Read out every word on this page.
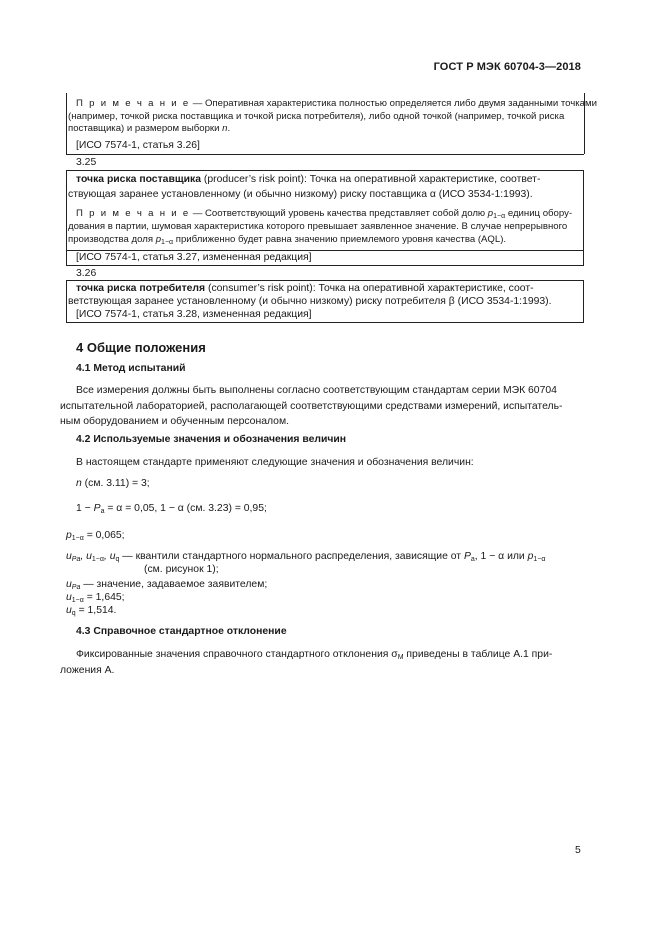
ГОСТ Р МЭК 60704-3—2018
П р и м е ч а н и е — Оперативная характеристика полностью определяется либо двумя заданными точками
(например, точкой риска поставщика и точкой риска потребителя), либо одной точкой (например, точкой риска
поставщика) и размером выборки n.
[ИСО 7574-1, статья 3.26]
3.25
точка риска поставщика (producer’s risk point): Точка на оперативной характеристике, соответ-
ствующая заранее установленному (и обычно низкому) риску поставщика α (ИСО 3534-1:1993).
П р и м е ч а н и е — Соответствующий уровень качества представляет собой долю $p_{1-\alpha}$ единиц обору-
дования в партии, шумовая характеристика которого превышает заявленное значение. В случае непрерывного
производства доля $p_{1-\alpha}$ приближенно будет равна значению приемлемого уровня качества (AQL).
[ИСО 7574-1, статья 3.27, измененная редакция]
3.26
точка риска потребителя (consumer’s risk point): Точка на оперативной характеристике, соот-
ветствующая заранее установленному (и обычно низкому) риску потребителя β (ИСО 3534-1:1993).
[ИСО 7574-1, статья 3.28, измененная редакция]
4 Общие положения
4.1 Метод испытаний
Все измерения должны быть выполнены согласно соответствующим стандартам серии МЭК 60704
испытательной лабораторией, располагающей соответствующими средствами измерений, испытатель-
ным оборудованием и обученным персоналом.
4.2 Используемые значения и обозначения величин
В настоящем стандарте применяют следующие значения и обозначения величин:
n (см. 3.11) = 3;
$1 - P_a = \alpha = 0,05$, 1 − α (см. 3.23) = 0,95;
$p_{1-\alpha} = 0,065$;
$u_{Pa}$, $u_{1-\alpha}$, $u_q$ — квантили стандартного нормального распределения, зависящие от $P_a$, 1 − α или $p_{1-\alpha}$
(см. рисунок 1);
$u_{Pa}$ — значение, задаваемое заявителем;
$u_{1-\alpha} = 1,645$;
$u_q = 1,514$.
4.3 Справочное стандартное отклонение
Фиксированные значения справочного стандартного отклонения $\sigma_M$ приведены в таблице А.1 при-
ложения А.
5
